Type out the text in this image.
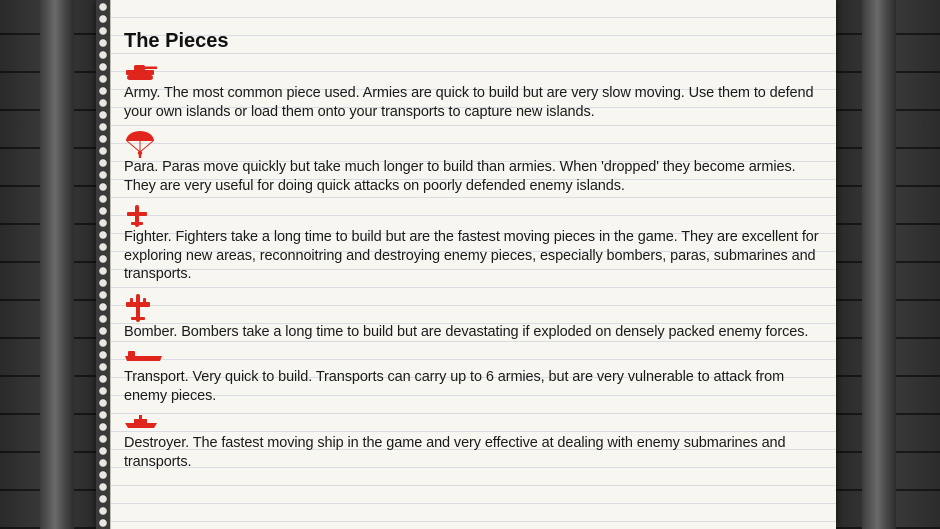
The Pieces
Army. The most common piece used. Armies are quick to build but are very slow moving. Use them to defend your own islands or load them onto your transports to capture new islands.
Para. Paras move quickly but take much longer to build than armies. When 'dropped' they become armies. They are very useful for doing quick attacks on poorly defended enemy islands.
Fighter. Fighters take a long time to build but are the fastest moving pieces in the game. They are excellent for exploring new areas, reconnoitring and destroying enemy pieces, especially bombers, paras, submarines and transports.
Bomber. Bombers take a long time to build but are devastating if exploded on densely packed enemy forces.
Transport. Very quick to build. Transports can carry up to 6 armies, but are very vulnerable to attack from enemy pieces.
Destroyer. The fastest moving ship in the game and very effective at dealing with enemy submarines and transports.
